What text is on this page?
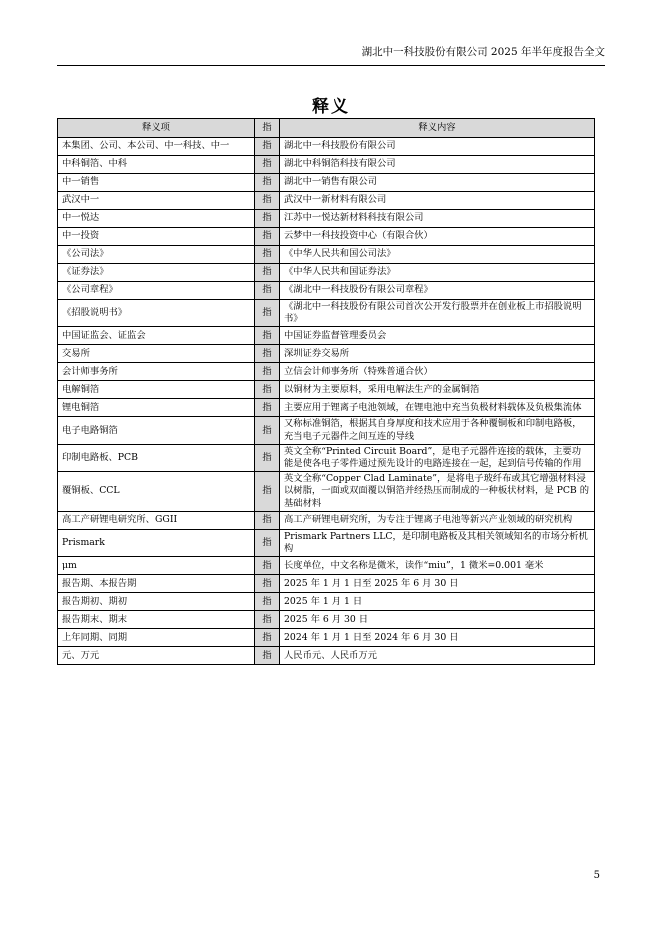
湖北中一科技股份有限公司 2025 年半年度报告全文
释义
释义项	指	释义内容
本集团、公司、本公司、中一科技、中一	指	湖北中一科技股份有限公司
中科铜箔、中科	指	湖北中科铜箔科技有限公司
中一销售	指	湖北中一销售有限公司
武汉中一	指	武汉中一新材料有限公司
中一悦达	指	江苏中一悦达新材料科技有限公司
中一投资	指	云梦中一科技投资中心（有限合伙）
《公司法》	指	《中华人民共和国公司法》
《证券法》	指	《中华人民共和国证券法》
《公司章程》	指	《湖北中一科技股份有限公司章程》
《招股说明书》	指	《湖北中一科技股份有限公司首次公开发行股票并在创业板上市招股说明书》
中国证监会、证监会	指	中国证券监督管理委员会
交易所	指	深圳证券交易所
会计师事务所	指	立信会计师事务所（特殊普通合伙）
电解铜箔	指	以铜材为主要原料，采用电解法生产的金属铜箔
锂电铜箔	指	主要应用于锂离子电池领域，在锂电池中充当负极材料载体及负极集流体
电子电路铜箔	指	又称标准铜箔，根据其自身厚度和技术应用于各种覆铜板和印制电路板，充当电子元器件之间互连的导线
印制电路板、PCB	指	英文全称“Printed Circuit Board”，是电子元器件连接的载体，主要功能是使各电子零件通过预先设计的电路连接在一起，起到信号传输的作用
覆铜板、CCL	指	英文全称“Copper Clad Laminate”，是将电子玻纤布或其它增强材料浸以树脂，一面或双面覆以铜箔并经热压而制成的一种板状材料，是 PCB 的基础材料
高工产研锂电研究所、GGII	指	高工产研锂电研究所，为专注于锂离子电池等新兴产业领域的研究机构
Prismark	指	Prismark Partners LLC，是印制电路板及其相关领域知名的市场分析机构
μm	指	长度单位，中文名称是微米，读作“miu”，1 微米=0.001 毫米
报告期、本报告期	指	2025 年 1 月 1 日至 2025 年 6 月 30 日
报告期初、期初	指	2025 年 1 月 1 日
报告期末、期末	指	2025 年 6 月 30 日
上年同期、同期	指	2024 年 1 月 1 日至 2024 年 6 月 30 日
元、万元	指	人民币元、人民币万元
5
